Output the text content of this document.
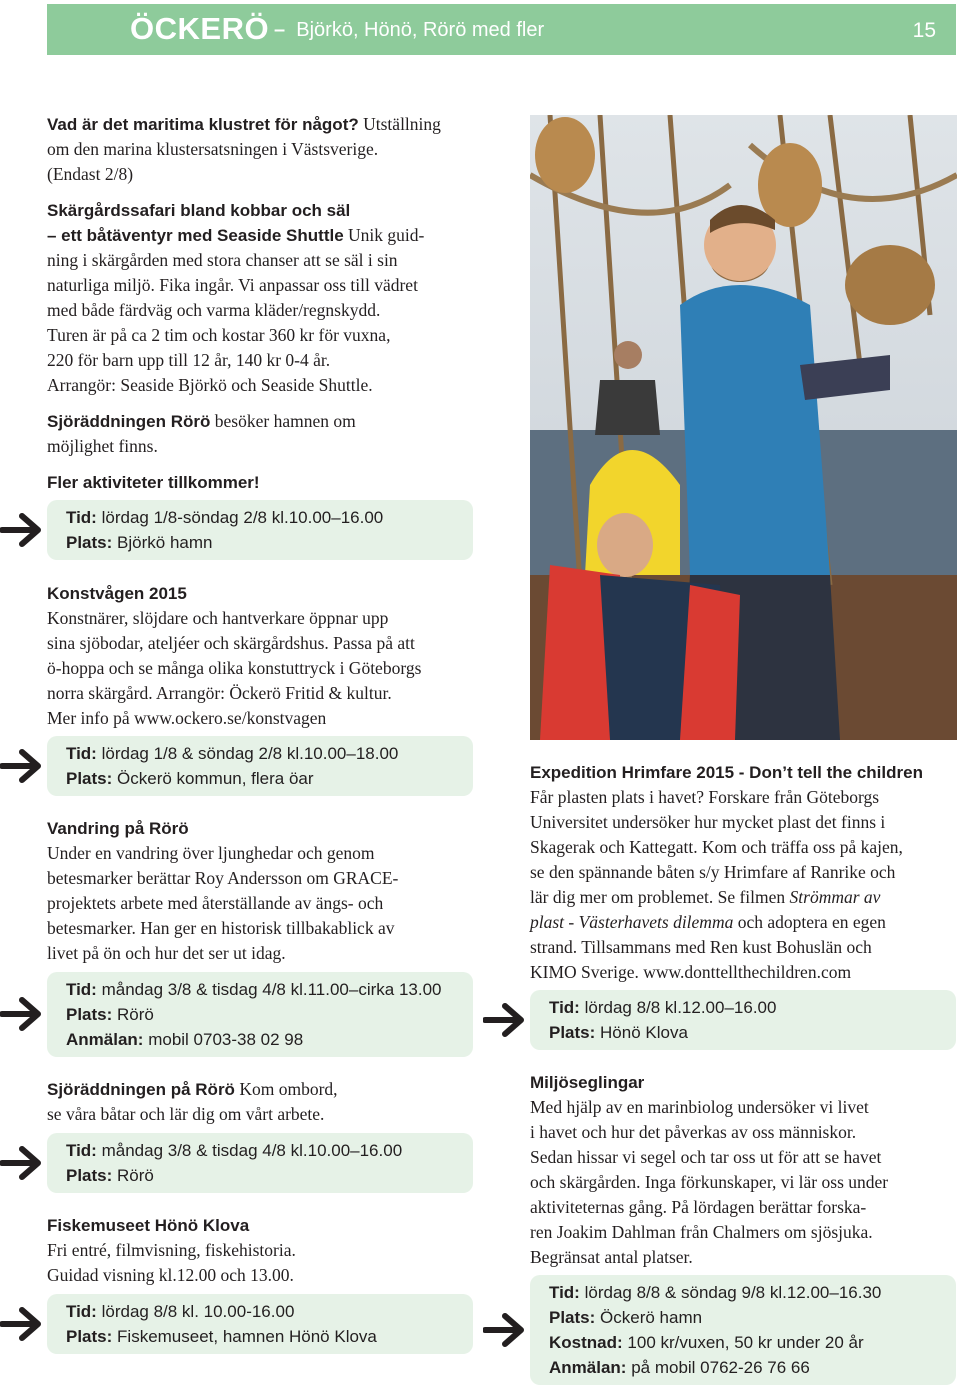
ÖCKERÖ – Björkö, Hönö, Rörö med fler	15
Vad är det maritima klustret för något? Utställning
om den marina klustersatsningen i Västsverige.
(Endast 2/8)
Skärgårdssafari bland kobbar och säl
– ett båtäventyr med Seaside Shuttle Unik guid-
ning i skärgården med stora chanser att se säl i sin
naturliga miljö. Fika ingår. Vi anpassar oss till vädret
med både färdväg och varma kläder/regnskydd.
Turen är på ca 2 tim och kostar 360 kr för vuxna,
220 för barn upp till 12 år, 140 kr 0-4 år.
Arrangör: Seaside Björkö och Seaside Shuttle.
Sjöräddningen Rörö besöker hamnen om
möjlighet finns.
Fler aktiviteter tillkommer!
Tid: lördag 1/8-söndag 2/8 kl.10.00–16.00
Plats: Björkö hamn
Konstvågen 2015
Konstnärer, slöjdare och hantverkare öppnar upp
sina sjöbodar, ateljéer och skärgårdshus. Passa på att
ö-hoppa och se många olika konstuttryck i Göteborgs
norra skärgård. Arrangör: Öckerö Fritid & kultur.
Mer info på www.ockero.se/konstvagen
Tid: lördag 1/8 & söndag 2/8 kl.10.00–18.00
Plats: Öckerö kommun, flera öar
Vandring på Rörö
Under en vandring över ljunghedar och genom
betesmarker berättar Roy Andersson om GRACE-
projektets arbete med återställande av ängs- och
betesmarker. Han ger en historisk tillbakablick av
livet på ön och hur det ser ut idag.
Tid: måndag 3/8 & tisdag 4/8 kl.11.00–cirka 13.00
Plats: Rörö
Anmälan: mobil 0703-38 02 98
Sjöräddningen på Rörö Kom ombord,
se våra båtar och lär dig om vårt arbete.
Tid: måndag 3/8 & tisdag 4/8 kl.10.00–16.00
Plats: Rörö
Fiskemuseet Hönö Klova
Fri entré, filmvisning, fiskehistoria.
Guidad visning kl.12.00 och 13.00.
Tid: lördag 8/8 kl. 10.00-16.00
Plats: Fiskemuseet, hamnen Hönö Klova
Expedition Hrimfare 2015 - Don’t tell the children
Får plasten plats i havet? Forskare från Göteborgs
Universitet undersöker hur mycket plast det finns i
Skagerak och Kattegatt. Kom och träffa oss på kajen,
se den spännande båten s/y Hrimfare af Ranrike och
lär dig mer om problemet. Se filmen Strömmar av
plast - Västerhavets dilemma och adoptera en egen
strand. Tillsammans med Ren kust Bohuslän och
KIMO Sverige. www.donttellthechildren.com
Tid: lördag 8/8 kl.12.00–16.00
Plats: Hönö Klova
Miljöseglingar
Med hjälp av en marinbiolog undersöker vi livet
i havet och hur det påverkas av oss människor.
Sedan hissar vi segel och tar oss ut för att se havet
och skärgården. Inga förkunskaper, vi lär oss under
aktiviteternas gång. På lördagen berättar forska-
ren Joakim Dahlman från Chalmers om sjösjuka.
Begränsat antal platser.
Tid: lördag 8/8 & söndag 9/8 kl.12.00–16.30
Plats: Öckerö hamn
Kostnad: 100 kr/vuxen, 50 kr under 20 år
Anmälan: på mobil 0762-26 76 66
